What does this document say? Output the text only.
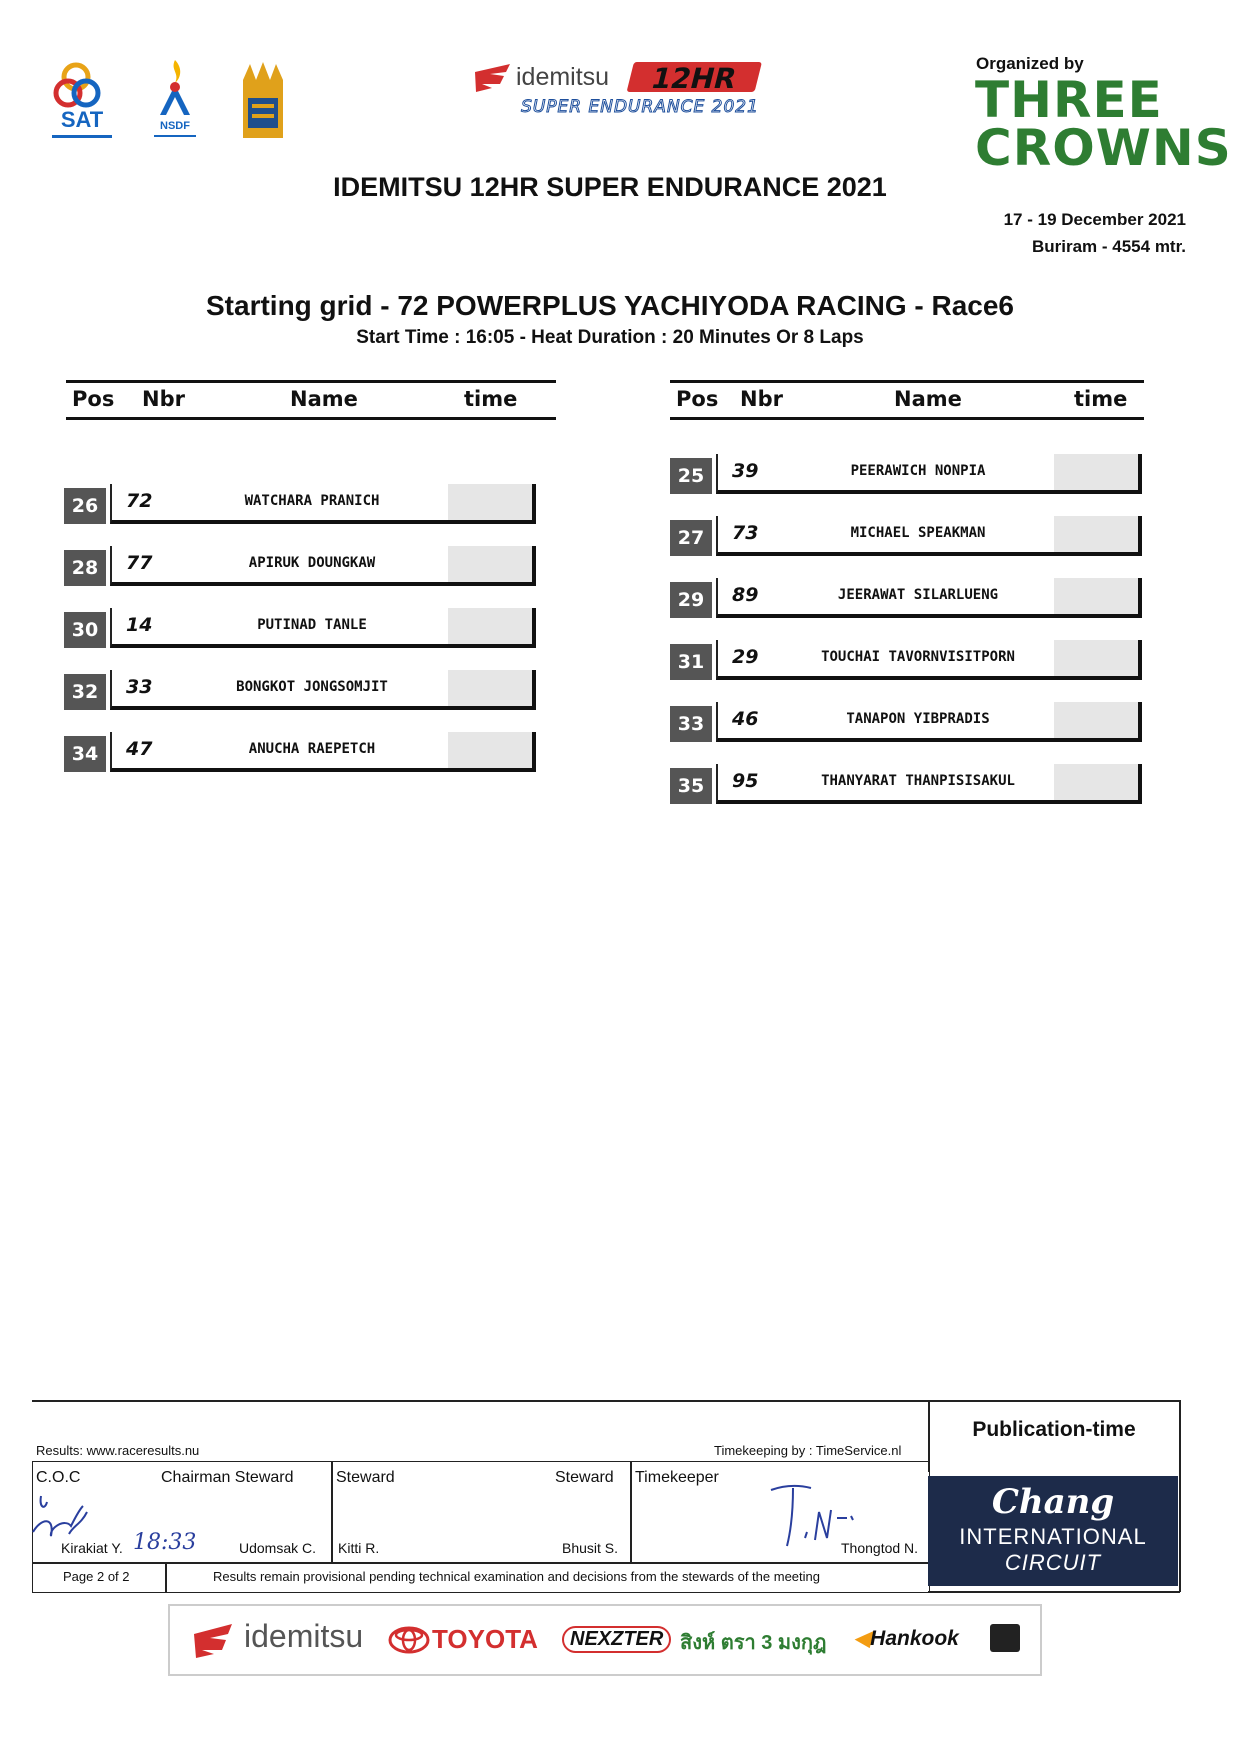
SAT	NSDF
idemitsu 12HR
SUPER ENDURANCE 2021
Organized by
THREE CROWNS
IDEMITSU 12HR SUPER ENDURANCE 2021
17 - 19 December 2021
Buriram - 4554 mtr.
Starting grid - 72 POWERPLUS YACHIYODA RACING - Race6
Start Time : 16:05 - Heat Duration : 20 Minutes Or 8 Laps
Pos Nbr	Name	time	Pos Nbr	Name	time
26	72	WATCHARA PRANICH
28	77	APIRUK DOUNGKAW
30	14	PUTINAD TANLE
32	33	BONGKOT JONGSOMJIT
34	47	ANUCHA RAEPETCH
25	39	PEERAWICH NONPIA
27	73	MICHAEL SPEAKMAN
29	89	JEERAWAT SILARLUENG
31	29	TOUCHAI TAVORNVISITPORN
33	46	TANAPON YIBPRADIS
35	95	THANYARAT THANPISISAKUL
Publication-time
Results: www.raceresults.nu	Timekeeping by : TimeService.nl
C.O.C	Chairman Steward	Steward	Steward Timekeeper
Kirakiat Y. 18:33	Udomsak C. Kitti R.	Bhusit S.	Thongtod N.
Page 2 of 2	Results remain provisional pending technical examination and decisions from the stewards of the meeting
Chang
INTERNATIONAL
CIRCUIT
idemitsu	TOYOTA	NEXZTER สิงห์ ตรา 3 มงกุฎ ◀Hankook
